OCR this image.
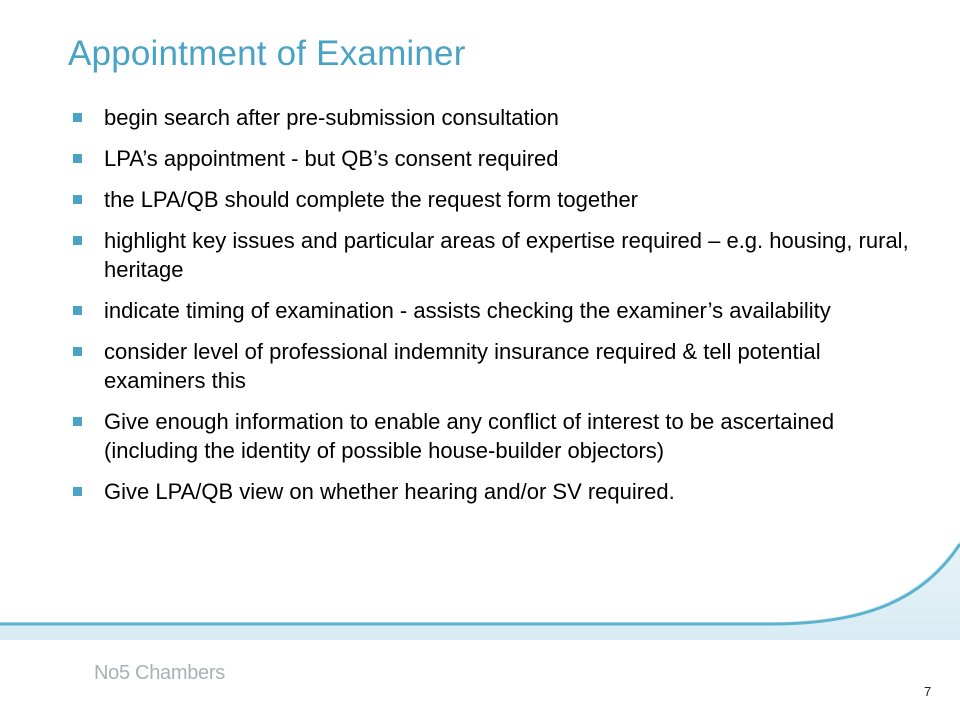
Appointment of Examiner
begin search after pre-submission consultation
LPA’s appointment - but QB’s consent required
the LPA/QB should complete the request form together
highlight key issues and particular areas of expertise required – e.g. housing, rural, heritage
indicate timing of examination - assists checking the examiner’s availability
consider level of professional indemnity insurance required & tell potential examiners this
Give enough information to enable any conflict of interest to be ascertained (including the identity of possible house-builder objectors)
Give LPA/QB view on whether hearing and/or SV required.
No5 Chambers
7
